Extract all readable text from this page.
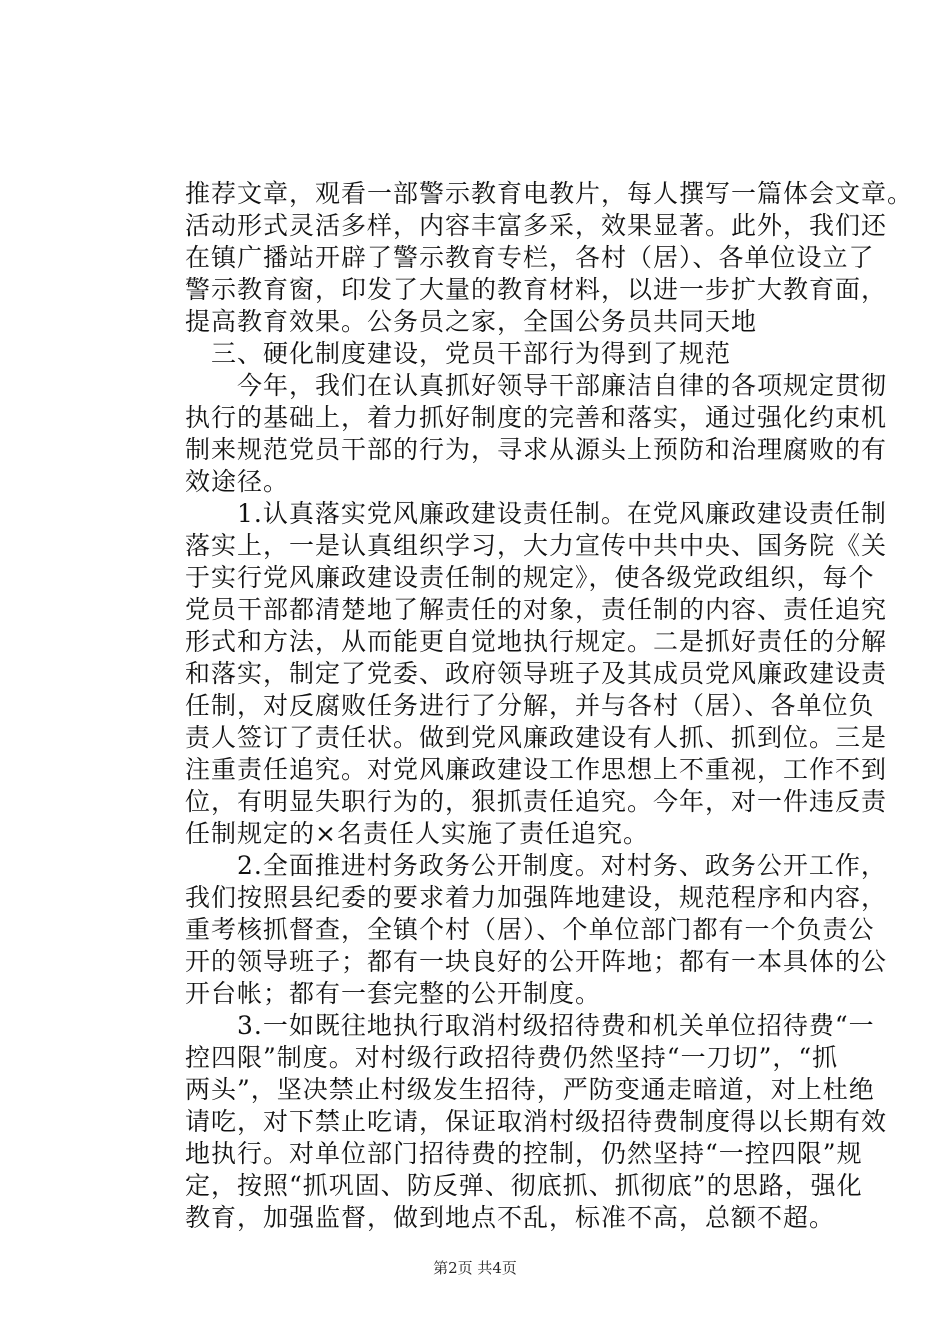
推荐文章，观看一部警示教育电教片，每人撰写一篇体会文章。
活动形式灵活多样，内容丰富多采，效果显著。此外，我们还
在镇广播站开辟了警示教育专栏，各村（居）、各单位设立了
警示教育窗，印发了大量的教育材料，以进一步扩大教育面，
提高教育效果。公务员之家，全国公务员共同天地
　三、硬化制度建设，党员干部行为得到了规范
　　今年，我们在认真抓好领导干部廉洁自律的各项规定贯彻
执行的基础上，着力抓好制度的完善和落实，通过强化约束机
制来规范党员干部的行为，寻求从源头上预防和治理腐败的有
效途径。
　　1.认真落实党风廉政建设责任制。在党风廉政建设责任制
落实上，一是认真组织学习，大力宣传中共中央、国务院《关
于实行党风廉政建设责任制的规定》，使各级党政组织，每个
党员干部都清楚地了解责任的对象，责任制的内容、责任追究
形式和方法，从而能更自觉地执行规定。二是抓好责任的分解
和落实，制定了党委、政府领导班子及其成员党风廉政建设责
任制，对反腐败任务进行了分解，并与各村（居）、各单位负
责人签订了责任状。做到党风廉政建设有人抓、抓到位。三是
注重责任追究。对党风廉政建设工作思想上不重视，工作不到
位，有明显失职行为的，狠抓责任追究。今年，对一件违反责
任制规定的×名责任人实施了责任追究。
　　2.全面推进村务政务公开制度。对村务、政务公开工作，
我们按照县纪委的要求着力加强阵地建设，规范程序和内容，
重考核抓督查，全镇个村（居）、个单位部门都有一个负责公
开的领导班子；都有一块良好的公开阵地；都有一本具体的公
开台帐；都有一套完整的公开制度。
　　3.一如既往地执行取消村级招待费和机关单位招待费“一
控四限”制度。对村级行政招待费仍然坚持“一刀切”，“抓
两头”，坚决禁止村级发生招待，严防变通走暗道，对上杜绝
请吃，对下禁止吃请，保证取消村级招待费制度得以长期有效
地执行。对单位部门招待费的控制，仍然坚持“一控四限”规
定，按照“抓巩固、防反弹、彻底抓、抓彻底”的思路，强化
教育，加强监督，做到地点不乱，标准不高，总额不超。
第2页 共4页
